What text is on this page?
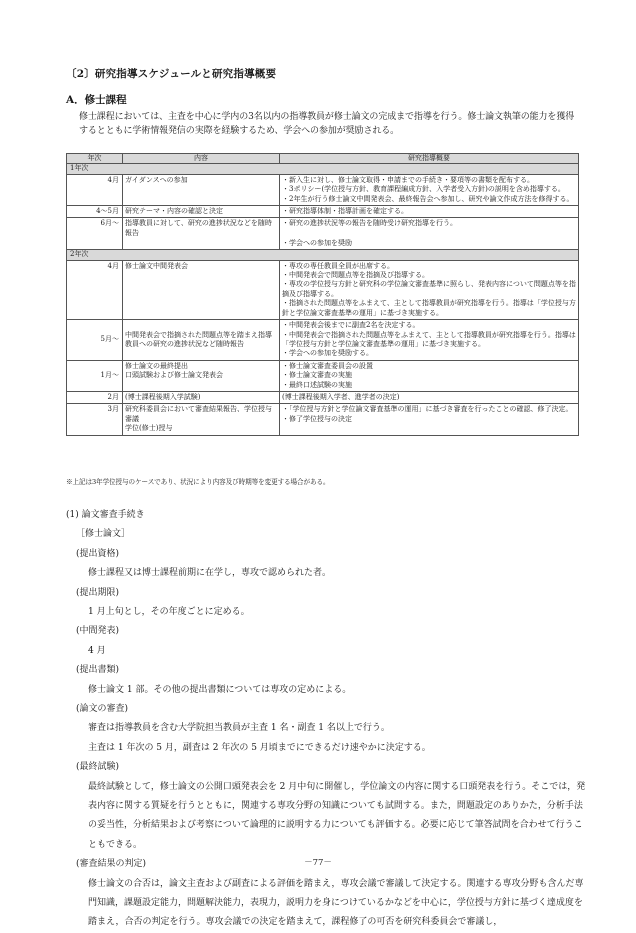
〔2〕研究指導スケジュールと研究指導概要
A．修士課程
修士課程においては、主査を中心に学内の3名以内の指導教員が修士論文の完成まで指導を行う。修士論文執筆の能力を獲得するとともに学術情報発信の実際を経験するため、学会への参加が奨励される。
年次	内容	研究指導概要
1年次		
4月	ガイダンスへの参加	・新入生に対し、修士論文取得・申請までの手続き・要項等の書類を配布する。
・3ポリシー(学位授与方針、教育課程編成方針、入学者受入方針)の説明を含め指導する。
・2年生が行う修士論文中間発表会、最終報告会へ参加し、研究や論文作成方法を修得する。
4～5月	研究テーマ・内容の確認と決定	・研究指導体制・指導計画を確定する。
6月～	指導教員に対して、研究の進捗状況などを随時報告	・研究の進捗状況等の報告を随時受け研究指導を行う。
・学会への参加を奨励
2年次		
4月	修士論文中間発表会	・専攻の専任教員全員が出席する。
・中間発表会で問題点等を指摘及び指導する。
・専攻の学位授与方針と研究科の学位論文審査基準に照らし、発表内容について問題点等を指摘及び指導する。
・指摘された問題点等をふまえて、主として指導教員が研究指導を行う。指導は「学位授与方針と学位論文審査基準の運用」に基づき実施する。
5月～	中間発表会で指摘された問題点等を踏まえ指導教員への研究の進捗状況など随時報告	・中間発表会後までに副査2名を決定する。
・中間発表会で指摘された問題点等をふまえて、主として指導教員が研究指導を行う。指導は「学位授与方針と学位論文審査基準の運用」に基づき実施する。
・学会への参加を奨励する。
1月～	修士論文の最終提出
口頭試験および修士論文発表会	・修士論文審査委員会の設置
・修士論文審査の実施
・最終口述試験の実施
2月	(博士課程後期入学試験)	(博士課程後期入学者、進学者の決定)
3月	研究科委員会において審査結果報告、学位授与審議
学位(修士)授与	・「学位授与方針と学位論文審査基準の運用」に基づき審査を行ったことの確認、修了決定。
・修了学位授与の決定
※上記は3年学位授与のケースであり、状況により内容及び時期等を変更する場合がある。
(1) 論文審査手続き
［修士論文］
(提出資格)
修士課程又は博士課程前期に在学し，専攻で認められた者。
(提出期限)
1 月上旬とし，その年度ごとに定める。
(中間発表)
4 月
(提出書類)
修士論文 1 部。その他の提出書類については専攻の定めによる。
(論文の審査)
審査は指導教員を含む大学院担当教員が主査 1 名・副査 1 名以上で行う。
主査は 1 年次の 5 月，副査は 2 年次の 5 月頃までにできるだけ速やかに決定する。
(最終試験)
最終試験として，修士論文の公開口頭発表会を 2 月中旬に開催し，学位論文の内容に関する口頭発表を行う。そこでは，発表内容に関する質疑を行うとともに，関連する専攻分野の知識についても試問する。また，問題設定のありかた，分析手法の妥当性，分析結果および考察について論理的に説明する力についても評価する。必要に応じて筆答試問を合わせて行うこともできる。
(審査結果の判定)
修士論文の合否は，論文主査および副査による評価を踏まえ，専攻会議で審議して決定する。関連する専攻分野も含んだ専門知識，課題設定能力，問題解決能力，表現力，説明力を身につけているかなどを中心に，学位授与方針に基づく達成度を踏まえ，合否の判定を行う。専攻会議での決定を踏まえて，課程修了の可否を研究科委員会で審議し，
－77－
